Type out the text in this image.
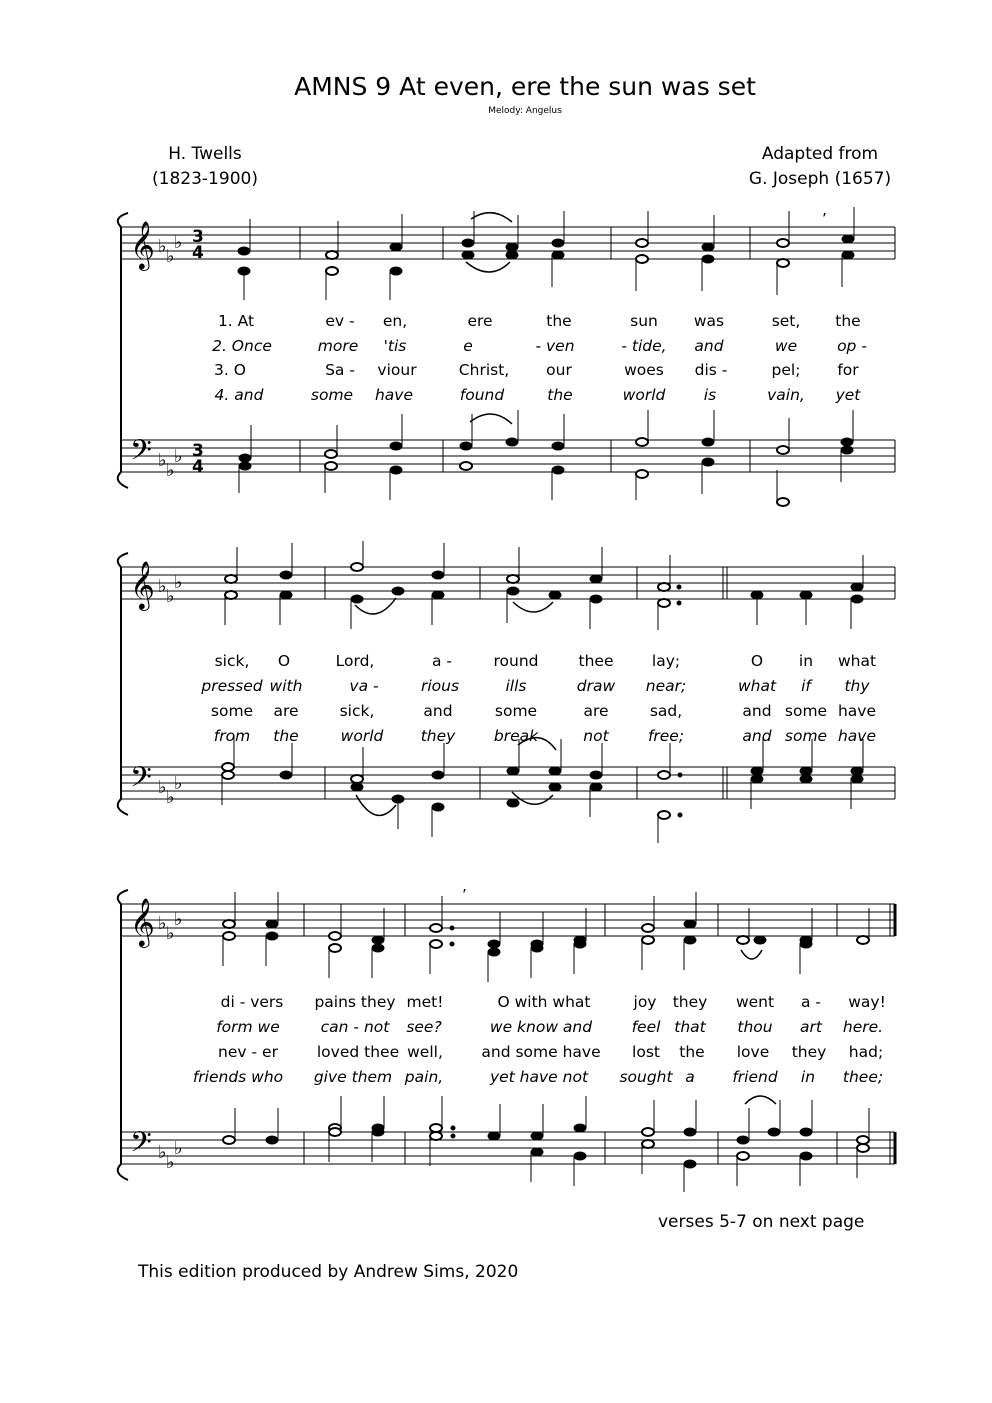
AMNS 9 At even, ere the sun was set
Melody: Angelus
H. Twells
(1823-1900)
Adapted from
G. Joseph (1657)
𝄞
𝄢
♭ ♭
♭
♭ ♭
♭
3
4
3
4
’
𝄞
𝄢
♭ ♭
♭
♭ ♭
♭
𝄞
𝄢
♭ ♭
♭
♭ ♭
♭
’
1. At	ev - en,	ere	the	sun was	set, the
2. Once	more 'tis	e	- ven	- tide, and	we	op -
3. O	Sa - viour	Christ, our	woes dis -	pel; for
4. and	some have	found	the	world is	vain, yet
sick, O	Lord,	a -	round	thee lay;	O in what
pressed with	va -	rious	ills	draw near;	what if thy
some are	sick,	and	some	are	sad,	and some have
from the	world they break	not	free;	and some have
di - vers pains they met!	O with what	joy they went a - way!
form we	can - not see?	we know and	feel that thou art here.
nev - er	loved thee well, and some have lost the love they had;
friends who give them pain,	yet have not sought a friend in thee;
verses 5-7 on next page
This edition produced by Andrew Sims, 2020
